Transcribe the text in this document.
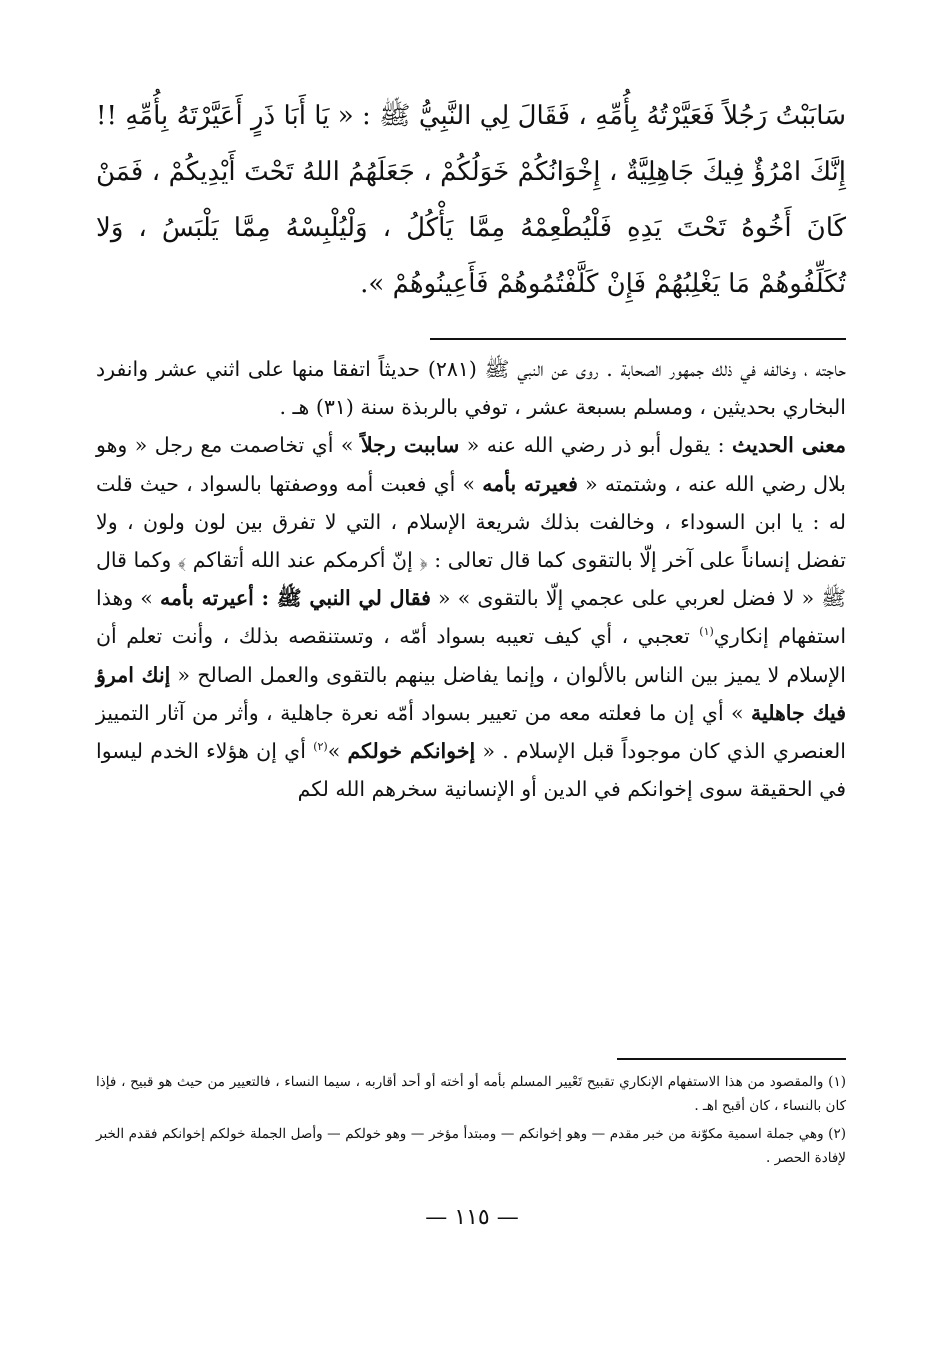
سَابَبْتُ رَجُلاً فَعَيَّرْتُهُ بِأُمِّهِ ، فَقَالَ لِي النَّبِيُّ ﷺ : « يَا أَبَا ذَرٍ أَعَيَّرْتَهُ بِأُمِّهِ !! إِنَّكَ امْرُؤٌ فِيكَ جَاهِلِيَّةٌ ، إِخْوَانُكُمْ خَوَلُكُمْ ، جَعَلَهُمُ اللهُ تَحْتَ أَيْدِيكُمْ ، فَمَنْ كَانَ أَخُوهُ تَحْتَ يَدِهِ فَلْيُطْعِمْهُ مِمَّا يَأْكُلُ ، وَلْيُلْبِسْهُ مِمَّا يَلْبَسُ ، وَلا تُكَلِّفُوهُمْ مَا يَغْلِبُهُمْ فَإِنْ كَلَّفْتُمُوهُمْ فَأَعِينُوهُمْ ».

حاجته ، وخالفه في ذلك جمهور الصحابة . روى عن النبي ﷺ (٢٨١) حديثاً اتفقا منها على اثني عشر وانفرد البخاري بحديثين ، ومسلم بسبعة عشر ، توفي بالربذة سنة (٣١) هـ .

معنى الحديث : يقول أبو ذر رضي الله عنه « ساببت رجلاً » أي تخاصمت مع رجل « وهو بلال رضي الله عنه ، وشتمته « فعيرته بأمه » أي فعبت أمه ووصفتها بالسواد ، حيث قلت له : يا ابن السوداء ، وخالفت بذلك شريعة الإسلام ، التي لا تفرق بين لون ولون ، ولا تفضل إنساناً على آخر إلّا بالتقوى كما قال تعالى : ﴿ إنّ أكرمكم عند الله أتقاكم ﴾ وكما قال ﷺ « لا فضل لعربي على عجمي إلّا بالتقوى » « فقال لي النبي ﷺ : أعيرته بأمه » وهذا استفهام إنكاري$^{(١)}$ تعجبي ، أي كيف تعيبه بسواد أمّه ، وتستنقصه بذلك ، وأنت تعلم أن الإسلام لا يميز بين الناس بالألوان ، وإنما يفاضل بينهم بالتقوى والعمل الصالح « إنك امرؤ فيك جاهلية » أي إن ما فعلته معه من تعيير بسواد أمّه نعرة جاهلية ، وأثر من آثار التمييز العنصري الذي كان موجوداً قبل الإسلام . « إخوانكم خولكم »$^{(٢)}$ أي إن هؤلاء الخدم ليسوا في الحقيقة سوى إخوانكم في الدين أو الإنسانية سخرهم الله لكم

(١) والمقصود من هذا الاستفهام الإنكاري تقبيح تَعْيير المسلم بأمه أو أخته أو أحد أقاربه ، سيما النساء ، فالتعيير من حيث هو قبيح ، فإذا كان بالنساء ، كان أقبح اهـ .

(٢) وهي جملة اسمية مكوّنة من خبر مقدم — وهو إخوانكم — ومبتدأ مؤخر — وهو خولكم — وأصل الجملة خولكم إخوانكم فقدم الخبر لإفادة الحصر .

— ١١٥ —
